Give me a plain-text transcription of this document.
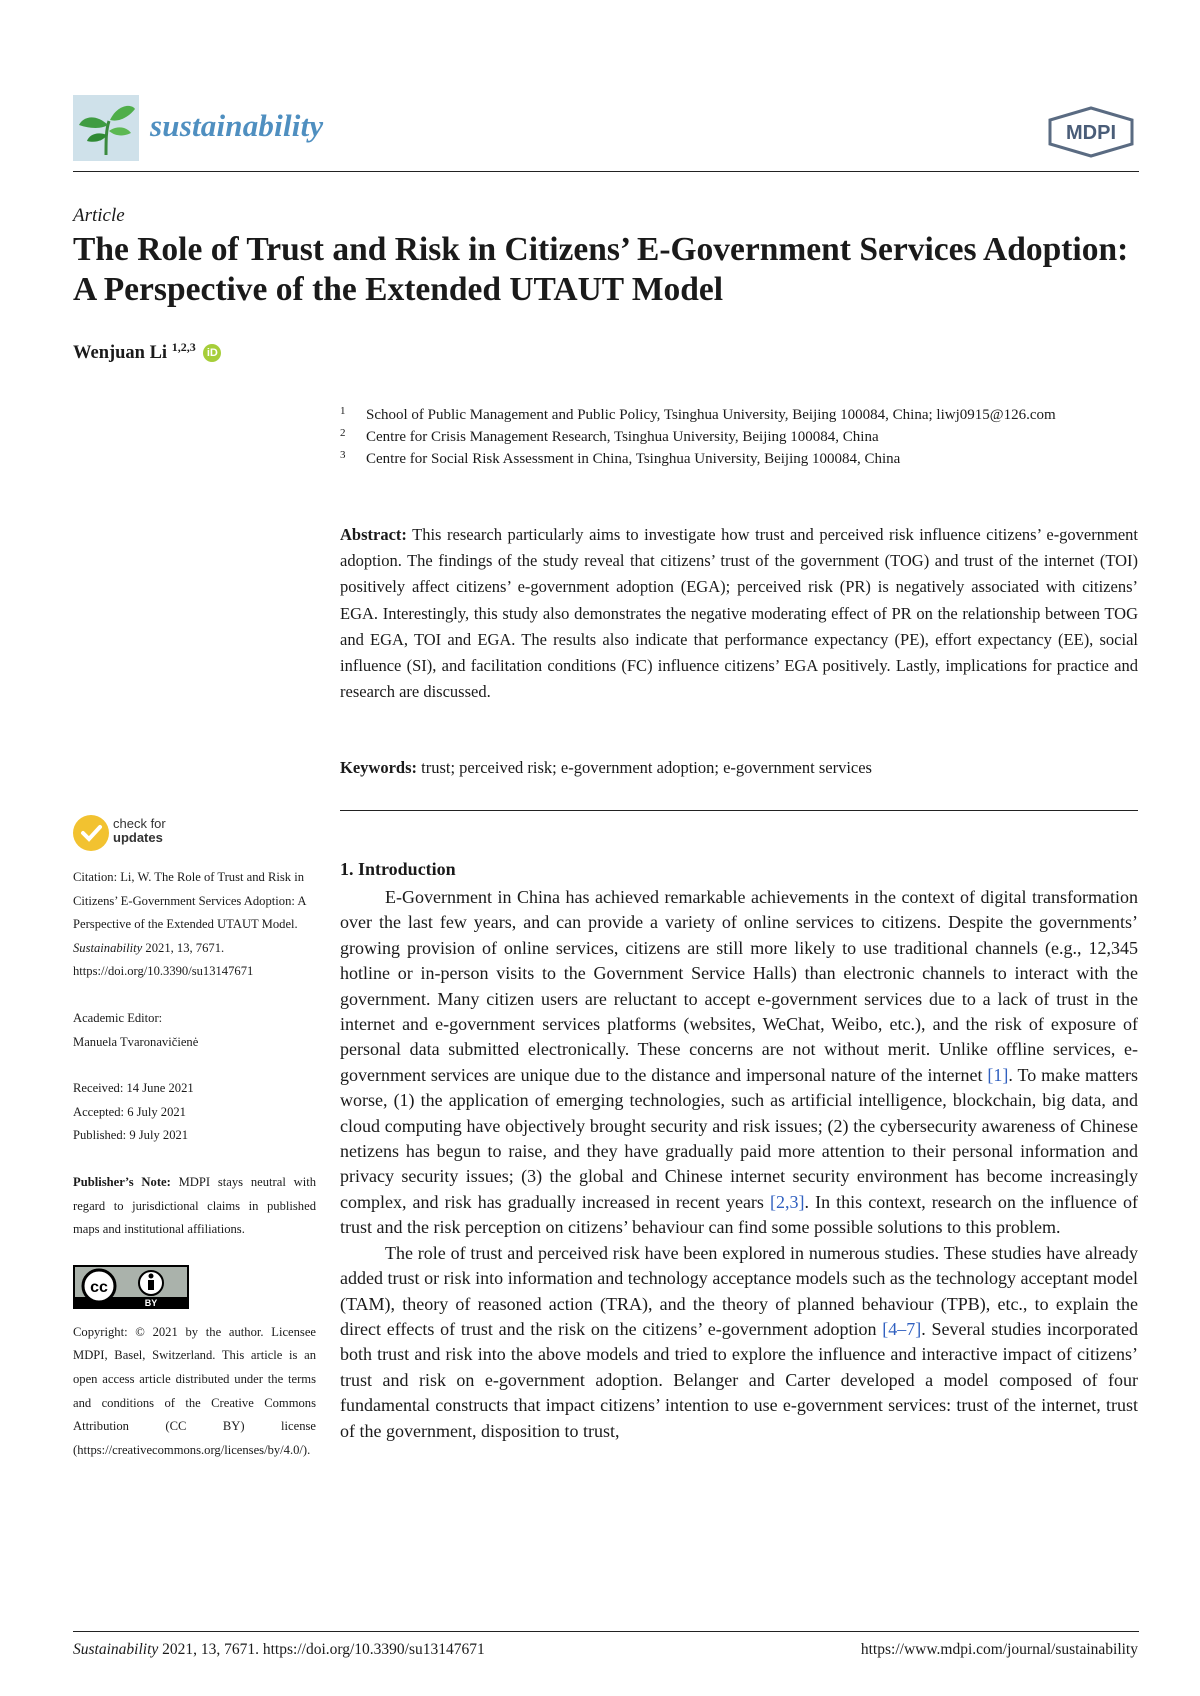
sustainability	MDPI
Article
The Role of Trust and Risk in Citizens’ E-Government Services Adoption: A Perspective of the Extended UTAUT Model
Wenjuan Li $^{1,2,3}$ iD
1 School of Public Management and Public Policy, Tsinghua University, Beijing 100084, China; liwj0915@126.com
2 Centre for Crisis Management Research, Tsinghua University, Beijing 100084, China
3 Centre for Social Risk Assessment in China, Tsinghua University, Beijing 100084, China
Abstract: This research particularly aims to investigate how trust and perceived risk influence citizens’ e-government adoption. The findings of the study reveal that citizens’ trust of the government (TOG) and trust of the internet (TOI) positively affect citizens’ e-government adoption (EGA); perceived risk (PR) is negatively associated with citizens’ EGA. Interestingly, this study also demonstrates the negative moderating effect of PR on the relationship between TOG and EGA, TOI and EGA. The results also indicate that performance expectancy (PE), effort expectancy (EE), social influence (SI), and facilitation conditions (FC) influence citizens’ EGA positively. Lastly, implications for practice and research are discussed.
Keywords: trust; perceived risk; e-government adoption; e-government services
check for
updates
Citation: Li, W. The Role of Trust and Risk in Citizens’ E-Government Services Adoption: A Perspective of the Extended UTAUT Model. Sustainability 2021, 13, 7671. https://doi.org/10.3390/su13147671
Academic Editor:
Manuela Tvaronavičienė
Received: 14 June 2021
Accepted: 6 July 2021
Published: 9 July 2021
Publisher’s Note: MDPI stays neutral with regard to jurisdictional claims in published maps and institutional affiliations.
cc
BY
Copyright: © 2021 by the author. Licensee MDPI, Basel, Switzerland. This article is an open access article distributed under the terms and conditions of the Creative Commons Attribution (CC BY) license (https://creativecommons.org/licenses/by/4.0/).
1. Introduction

E-Government in China has achieved remarkable achievements in the context of digital transformation over the last few years, and can provide a variety of online services to citizens. Despite the governments’ growing provision of online services, citizens are still more likely to use traditional channels (e.g., 12,345 hotline or in-person visits to the Government Service Halls) than electronic channels to interact with the government. Many citizen users are reluctant to accept e-government services due to a lack of trust in the internet and e-government services platforms (websites, WeChat, Weibo, etc.), and the risk of exposure of personal data submitted electronically. These concerns are not without merit. Unlike offline services, e-government services are unique due to the distance and impersonal nature of the internet [1]. To make matters worse, (1) the application of emerging technologies, such as artificial intelligence, blockchain, big data, and cloud computing have objectively brought security and risk issues; (2) the cybersecurity awareness of Chinese netizens has begun to raise, and they have gradually paid more attention to their personal information and privacy security issues; (3) the global and Chinese internet security environment has become increasingly complex, and risk has gradually increased in recent years [2,3]. In this context, research on the influence of trust and the risk perception on citizens’ behaviour can find some possible solutions to this problem.

The role of trust and perceived risk have been explored in numerous studies. These studies have already added trust or risk into information and technology acceptance models such as the technology acceptant model (TAM), theory of reasoned action (TRA), and the theory of planned behaviour (TPB), etc., to explain the direct effects of trust and the risk on the citizens’ e-government adoption [4–7]. Several studies incorporated both trust and risk into the above models and tried to explore the influence and interactive impact of citizens’ trust and risk on e-government adoption. Belanger and Carter developed a model composed of four fundamental constructs that impact citizens’ intention to use e-government services: trust of the internet, trust of the government, disposition to trust,

Sustainability 2021, 13, 7671. https://doi.org/10.3390/su13147671	https://www.mdpi.com/journal/sustainability
